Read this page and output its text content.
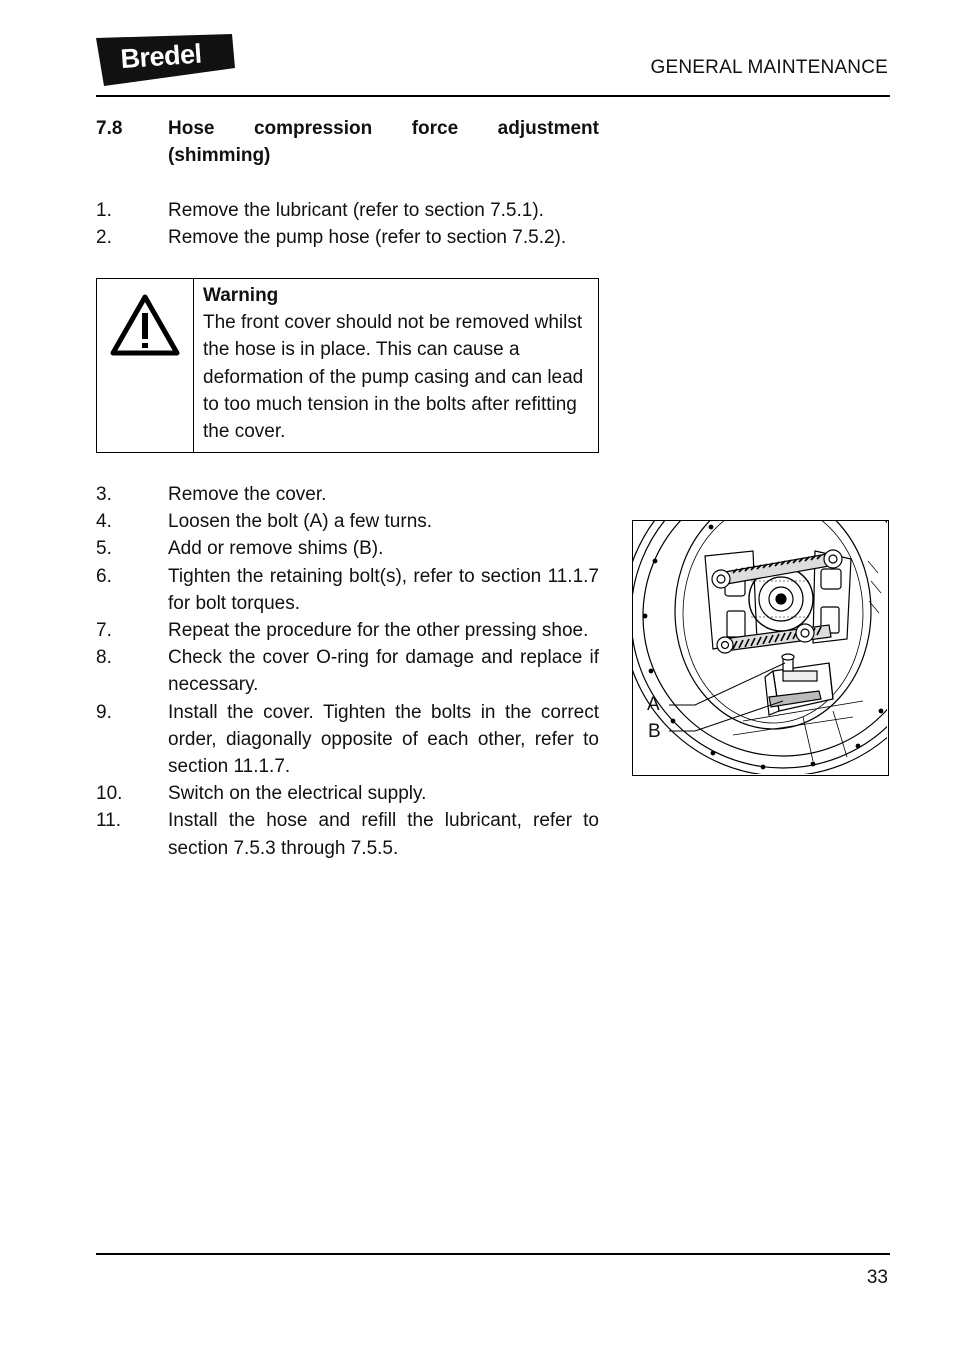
Bredel	GENERAL MAINTENANCE
7.8 Hose compression force adjustment (shimming)
1.	Remove the lubricant (refer to section 7.5.1).
2.	Remove the pump hose (refer to section 7.5.2).
Warning
The front cover should not be removed whilst the hose is in place. This can cause a deformation of the pump casing and can lead to too much tension in the bolts after refitting the cover.
3.	Remove the cover.
4.	Loosen the bolt (A) a few turns.
5.	Add or remove shims (B).
6.	Tighten the retaining bolt(s), refer to section 11.1.7 for bolt torques.
7.	Repeat the procedure for the other pressing shoe.
8.	Check the cover O-ring for damage and replace if necessary.
9.	Install the cover. Tighten the bolts in the correct order, diagonally opposite of each other, refer to section 11.1.7.
10. Switch on the electrical supply.
11. Install the hose and refill the lubricant, refer to section 7.5.3 through 7.5.5.
A
B
33
